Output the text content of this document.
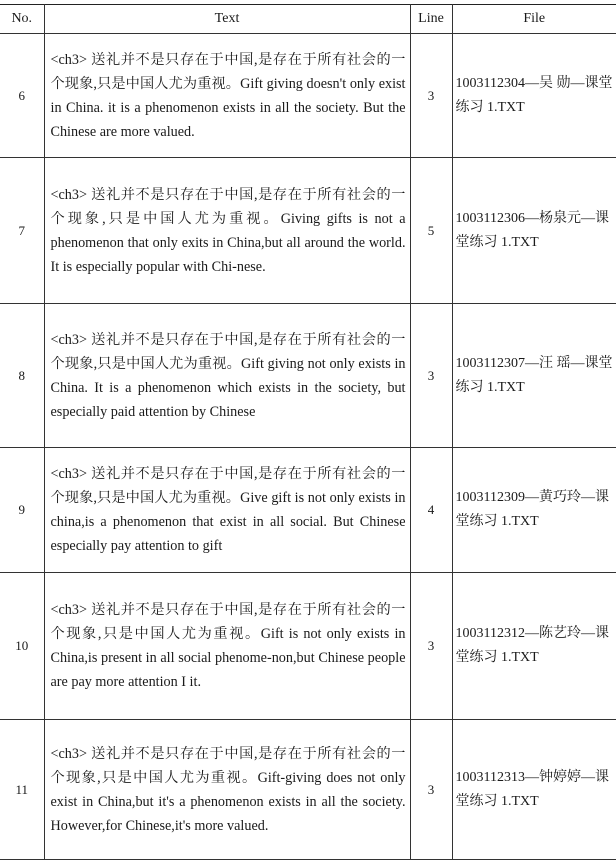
No.	Text	Line	File
6	<ch3> 送礼并不是只存在于中国,是存在于所有社会的一个现象,只是中国人尤为重视。Gift giving doesn't only exist in China. it is a phenomenon exists in all the society. But the Chinese are more valued.	3	1003112304—吴 勋—课堂练习 1.TXT
7	<ch3> 送礼并不是只存在于中国,是存在于所有社会的一个现象,只是中国人尤为重视。Giving gifts is not a phenomenon that only exits in China,but all around the world. It is especially popular with Chi-nese.	5	1003112306—杨泉元—课堂练习 1.TXT
8	<ch3> 送礼并不是只存在于中国,是存在于所有社会的一个现象,只是中国人尤为重视。Gift giving not only exists in China. It is a phenomenon which exists in the society, but especially paid attention by Chinese	3	1003112307—汪 瑶—课堂练习 1.TXT
9	<ch3> 送礼并不是只存在于中国,是存在于所有社会的一个现象,只是中国人尤为重视。Give gift is not only exists in china,is a phenomenon that exist in all social. But Chinese especially pay attention to gift	4	1003112309—黄巧玲—课堂练习 1.TXT
10	<ch3> 送礼并不是只存在于中国,是存在于所有社会的一个现象,只是中国人尤为重视。Gift is not only exists in China,is present in all social phenome-non,but Chinese people are pay more attention I it.	3	1003112312—陈艺玲—课堂练习 1.TXT
11	<ch3> 送礼并不是只存在于中国,是存在于所有社会的一个现象,只是中国人尤为重视。Gift-giving does not only exist in China,but it's a phenomenon exists in all the society. However,for Chinese,it's more valued.	3	1003112313—钟婷婷—课堂练习 1.TXT
